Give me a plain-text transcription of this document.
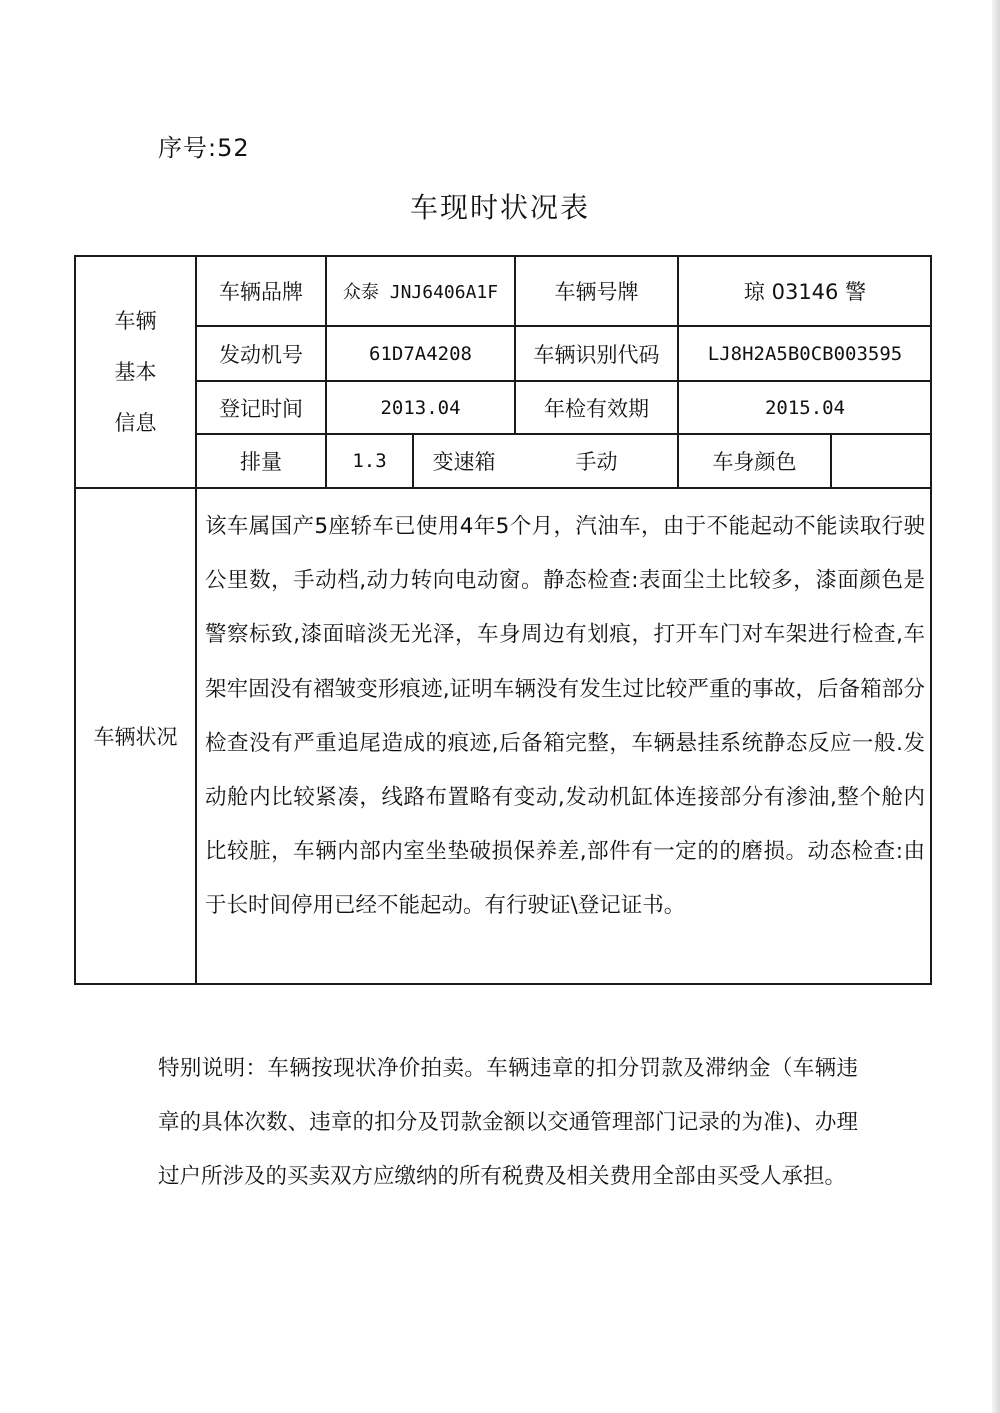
序号:52
车现时状况表
车辆
基本
信息
车辆品牌	众泰 JNJ6406A1F	车辆号牌	琼 03146 警
发动机号	61D7A4208	车辆识别代码	LJ8H2A5B0CB003595
登记时间	2013.04	年检有效期	2015.04
排量	1.3	变速箱	手动	车身颜色
车辆状况
该车属国产5座轿车已使用4年5个月，汽油车，由于不能起动不能读取行驶公里数，手动档,动力转向电动窗。静态检查:表面尘土比较多，漆面颜色是警察标致,漆面暗淡无光泽，车身周边有划痕，打开车门对车架进行检查,车架牢固没有褶皱变形痕迹,证明车辆没有发生过比较严重的事故，后备箱部分检查没有严重追尾造成的痕迹,后备箱完整，车辆悬挂系统静态反应一般.发动舱内比较紧凑，线路布置略有变动,发动机缸体连接部分有渗油,整个舱内比较脏，车辆内部内室坐垫破损保养差,部件有一定的的磨损。动态检查:由于长时间停用已经不能起动。有行驶证\登记证书。
特别说明：车辆按现状净价拍卖。车辆违章的扣分罚款及滞纳金（车辆违章的具体次数、违章的扣分及罚款金额以交通管理部门记录的为准)、办理过户所涉及的买卖双方应缴纳的所有税费及相关费用全部由买受人承担。
